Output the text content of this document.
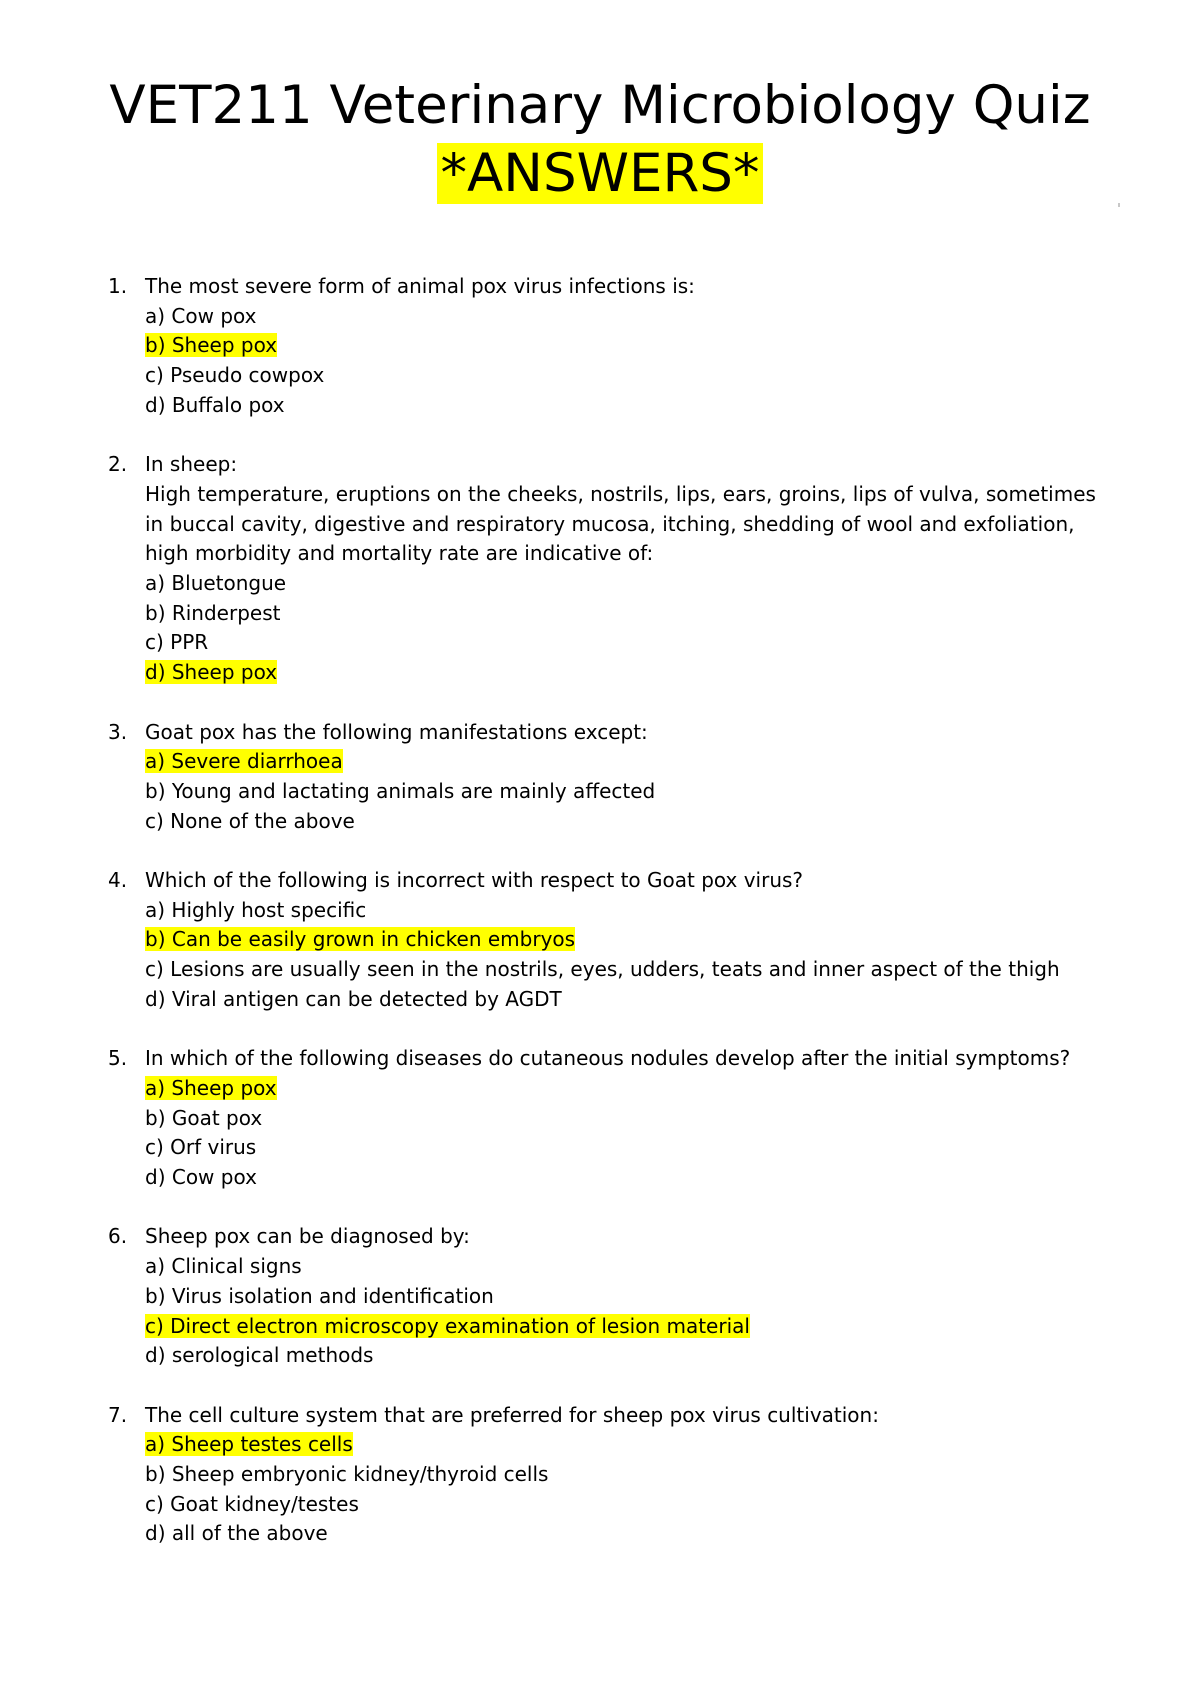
VET211 Veterinary Microbiology Quiz
*ANSWERS*
1. The most severe form of animal pox virus infections is:
a) Cow pox
b) Sheep pox
c) Pseudo cowpox
d) Buffalo pox
2. In sheep:
High temperature, eruptions on the cheeks, nostrils, lips, ears, groins, lips of vulva, sometimes in buccal cavity, digestive and respiratory mucosa, itching, shedding of wool and exfoliation, high morbidity and mortality rate are indicative of:
a) Bluetongue
b) Rinderpest
c) PPR
d) Sheep pox
3. Goat pox has the following manifestations except:
a) Severe diarrhoea
b) Young and lactating animals are mainly affected
c) None of the above
4. Which of the following is incorrect with respect to Goat pox virus?
a) Highly host specific
b) Can be easily grown in chicken embryos
c) Lesions are usually seen in the nostrils, eyes, udders, teats and inner aspect of the thigh
d) Viral antigen can be detected by AGDT
5. In which of the following diseases do cutaneous nodules develop after the initial symptoms?
a) Sheep pox
b) Goat pox
c) Orf virus
d) Cow pox
6. Sheep pox can be diagnosed by:
a) Clinical signs
b) Virus isolation and identification
c) Direct electron microscopy examination of lesion material
d) serological methods
7. The cell culture system that are preferred for sheep pox virus cultivation:
a) Sheep testes cells
b) Sheep embryonic kidney/thyroid cells
c) Goat kidney/testes
d) all of the above
